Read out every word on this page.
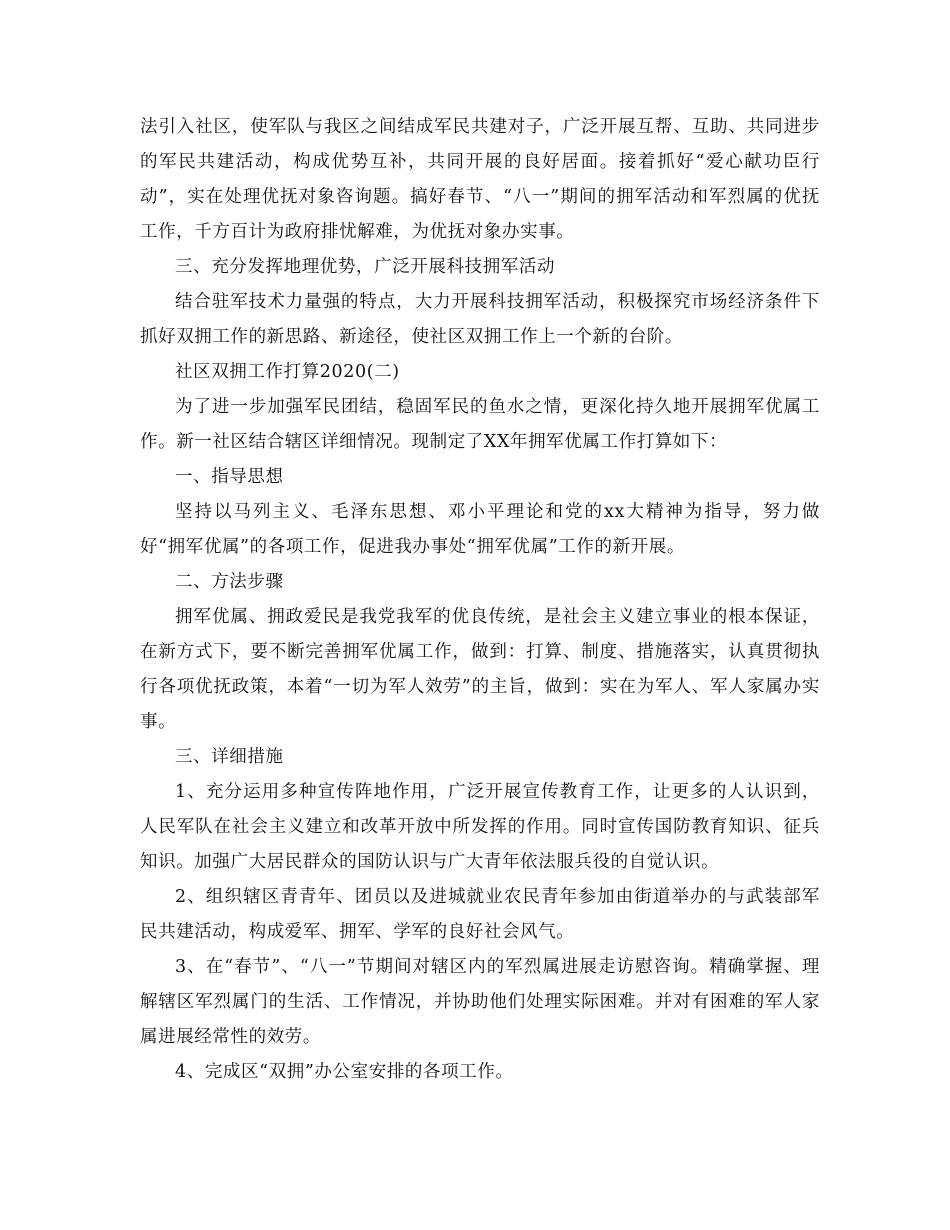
法引入社区，使军队与我区之间结成军民共建对子，广泛开展互帮、互助、共同进步的军民共建活动，构成优势互补，共同开展的良好居面。接着抓好“爱心献功臣行动”，实在处理优抚对象咨询题。搞好春节、“八一”期间的拥军活动和军烈属的优抚工作，千方百计为政府排忧解难，为优抚对象办实事。

三、充分发挥地理优势，广泛开展科技拥军活动

结合驻军技术力量强的特点，大力开展科技拥军活动，积极探究市场经济条件下抓好双拥工作的新思路、新途径，使社区双拥工作上一个新的台阶。

社区双拥工作打算2020(二)

为了进一步加强军民团结，稳固军民的鱼水之情，更深化持久地开展拥军优属工作。新一社区结合辖区详细情况。现制定了XX年拥军优属工作打算如下：

一、指导思想

坚持以马列主义、毛泽东思想、邓小平理论和党的xx大精神为指导，努力做好“拥军优属”的各项工作，促进我办事处“拥军优属”工作的新开展。

二、方法步骤

拥军优属、拥政爱民是我党我军的优良传统，是社会主义建立事业的根本保证，在新方式下，要不断完善拥军优属工作，做到：打算、制度、措施落实，认真贯彻执行各项优抚政策，本着“一切为军人效劳”的主旨，做到：实在为军人、军人家属办实事。

三、详细措施

1、充分运用多种宣传阵地作用，广泛开展宣传教育工作，让更多的人认识到，人民军队在社会主义建立和改革开放中所发挥的作用。同时宣传国防教育知识、征兵知识。加强广大居民群众的国防认识与广大青年依法服兵役的自觉认识。

2、组织辖区青青年、团员以及进城就业农民青年参加由街道举办的与武装部军民共建活动，构成爱军、拥军、学军的良好社会风气。

3、在“春节”、“八一”节期间对辖区内的军烈属进展走访慰咨询。精确掌握、理解辖区军烈属门的生活、工作情况，并协助他们处理实际困难。并对有困难的军人家属进展经常性的效劳。

4、完成区“双拥”办公室安排的各项工作。
